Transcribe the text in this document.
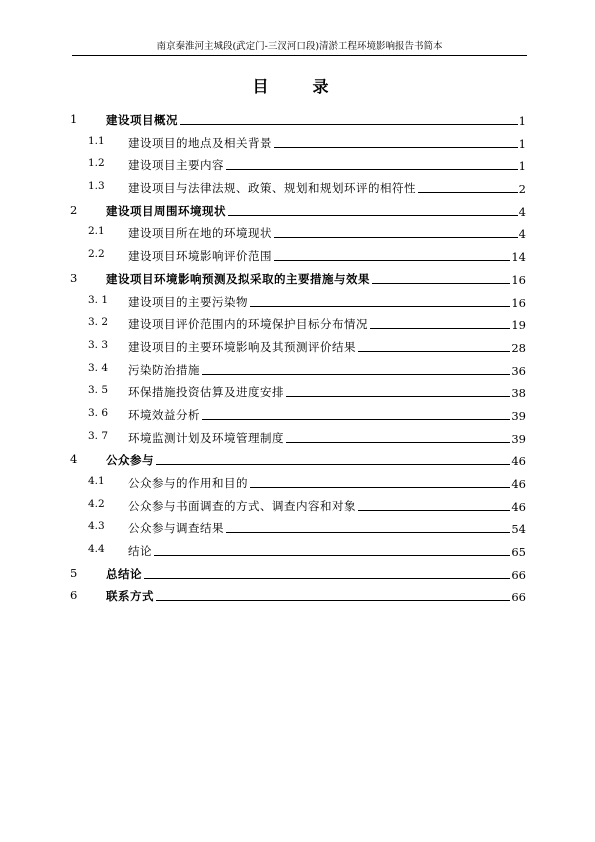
南京秦淮河主城段(武定门-三汊河口段)清淤工程环境影响报告书简本
目　录
1 建设项目概况	1
1.1 建设项目的地点及相关背景	1
1.2 建设项目主要内容	1
1.3 建设项目与法律法规、政策、规划和规划环评的相符性	2
2 建设项目周围环境现状	4
2.1 建设项目所在地的环境现状	4
2.2 建设项目环境影响评价范围	14
3 建设项目环境影响预测及拟采取的主要措施与效果	16
3. 1 建设项目的主要污染物	16
3. 2 建设项目评价范围内的环境保护目标分布情况	19
3. 3 建设项目的主要环境影响及其预测评价结果	28
3. 4 污染防治措施	36
3. 5 环保措施投资估算及进度安排	38
3. 6 环境效益分析	39
3. 7 环境监测计划及环境管理制度	39
4 公众参与	46
4.1 公众参与的作用和目的	46
4.2 公众参与书面调查的方式、调查内容和对象	46
4.3 公众参与调查结果	54
4.4 结论	65
5 总结论	66
6 联系方式	66
